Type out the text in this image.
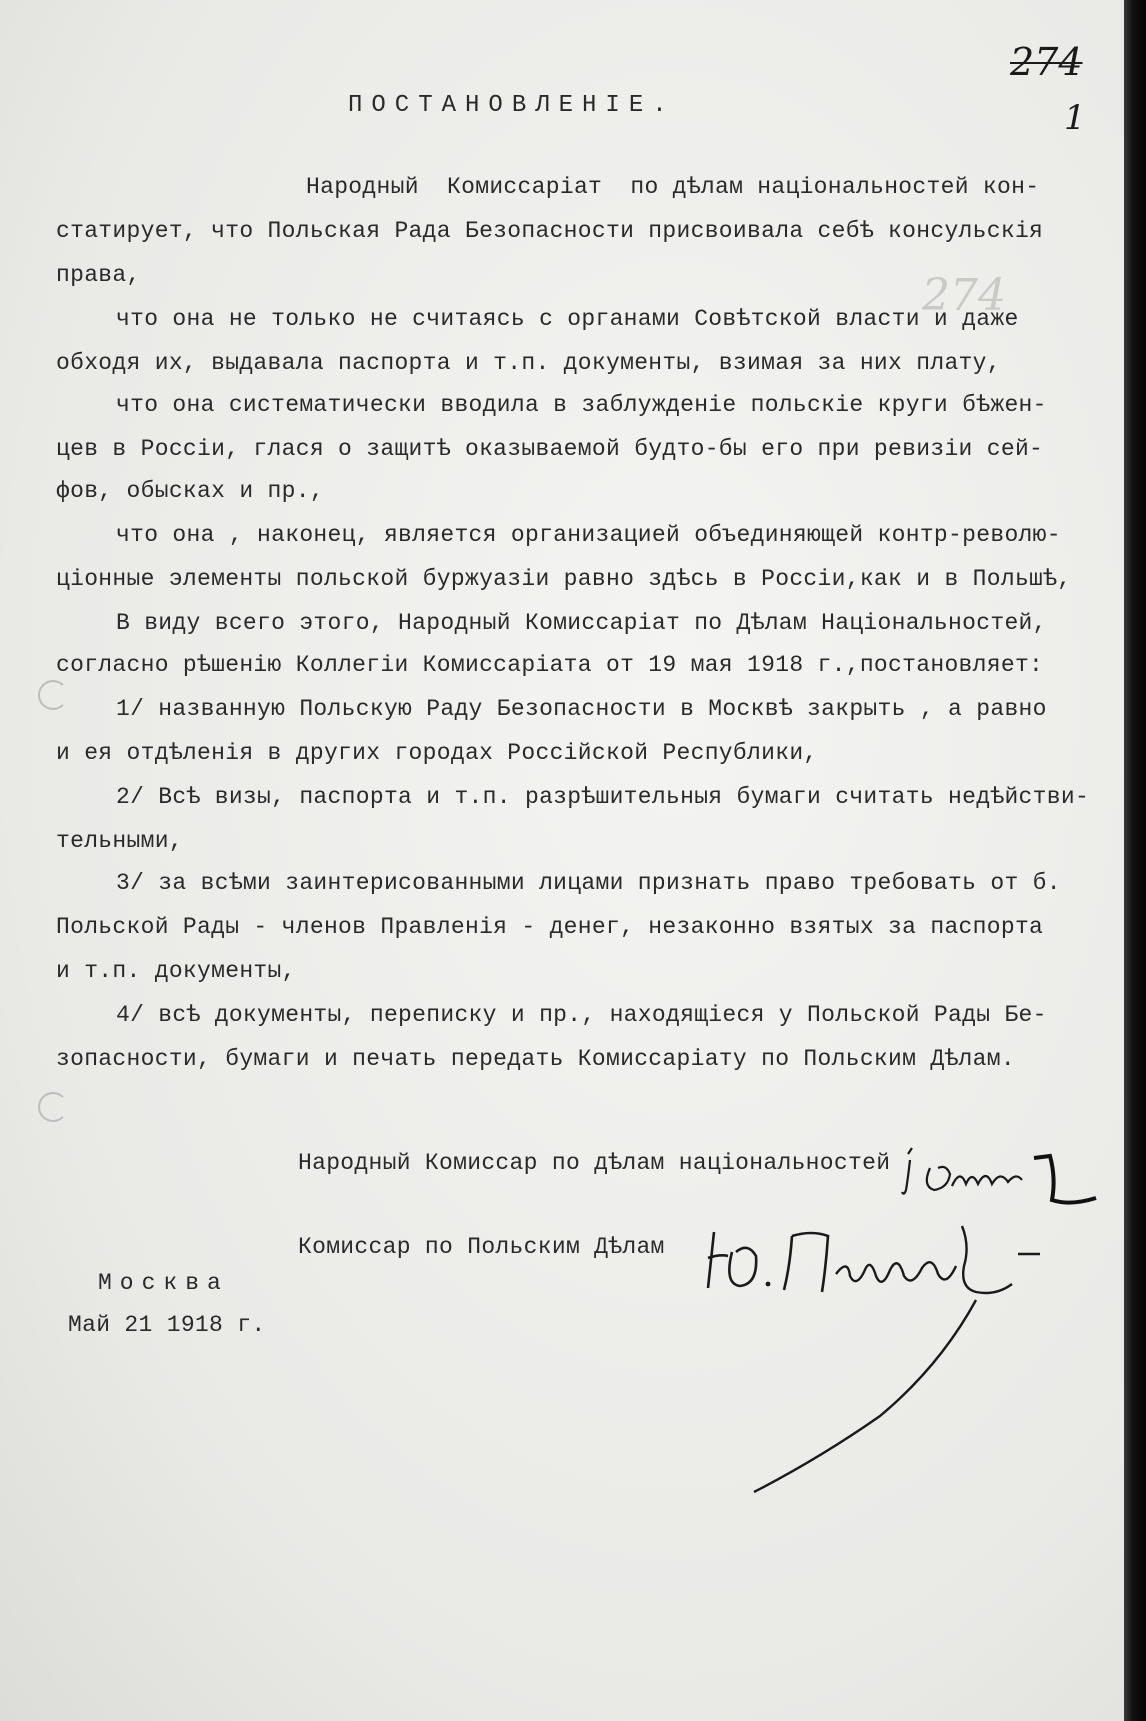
274
1
274
ПОСТАНОВЛЕНІЕ.
Народный  Комиссаріат  по дѣлам національностей кон-
статирует, что Польская Рада Безопасности присвоивала себѣ консульскія
права,
что она не только не считаясь с органами Совѣтской власти и даже
обходя их, выдавала паспорта и т.п. документы, взимая за них плату,
что она систематически вводила в заблужденіе польскіе круги бѣжен-
цев в Россіи, глася о защитѣ оказываемой будто-бы его при ревизіи сей-
фов, обысках и пр.,
что она , наконец, является организацией объединяющей контр-револю-
ціонные элементы польской буржуазіи равно здѣсь в Россіи,как и в Польшѣ,
В виду всего этого, Народный Комиссаріат по Дѣлам Національностей,
согласно рѣшенію Коллегіи Комиссаріата от 19 мая 1918 г.,постановляет:
1/ названную Польскую Раду Безопасности в Москвѣ закрыть , а равно
и ея отдѣленія в других городах Россійской Республики,
2/ Всѣ визы, паспорта и т.п. разрѣшительныя бумаги считать недѣйстви-
тельными,
3/ за всѣми заинтерисованными лицами признать право требовать от б.
Польской Рады - членов Правленія - денег, незаконно взятых за паспорта
и т.п. документы,
4/ всѣ документы, переписку и пр., находящіеся у Польской Рады Бе-
зопасности, бумаги и печать передать Комиссаріату по Польским Дѣлам.
Народный Комиссар по дѣлам національностей
Комиссар по Польским Дѣлам
Москва
Май 21 1918 г.
